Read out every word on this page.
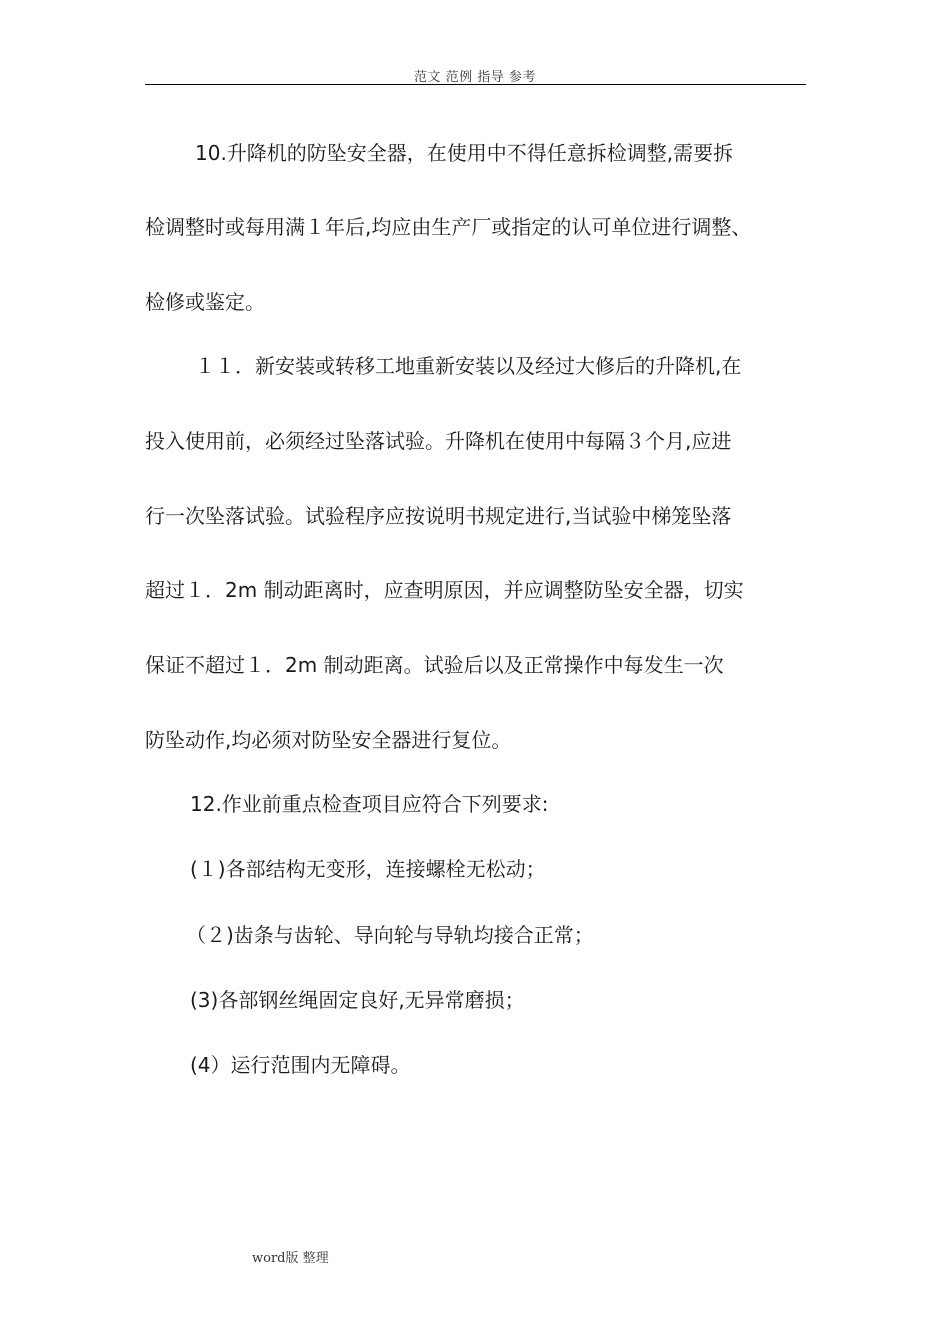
范文 范例 指导 参考
10.升降机的防坠安全器，在使用中不得任意拆检调整,需要拆
检调整时或每用满１年后,均应由生产厂或指定的认可单位进行调整、
检修或鉴定。
１１．新安装或转移工地重新安装以及经过大修后的升降机,在
投入使用前，必须经过坠落试验。升降机在使用中每隔３个月,应进
行一次坠落试验。试验程序应按说明书规定进行,当试验中梯笼坠落
超过１．2m 制动距离时，应查明原因，并应调整防坠安全器，切实
保证不超过１．2m 制动距离。试验后以及正常操作中每发生一次
防坠动作,均必须对防坠安全器进行复位。
12.作业前重点检查项目应符合下列要求:
(１)各部结构无变形，连接螺栓无松动；
（２)齿条与齿轮、导向轮与导轨均接合正常；
(3)各部钢丝绳固定良好,无异常磨损；
(4）运行范围内无障碍。
word版 整理
